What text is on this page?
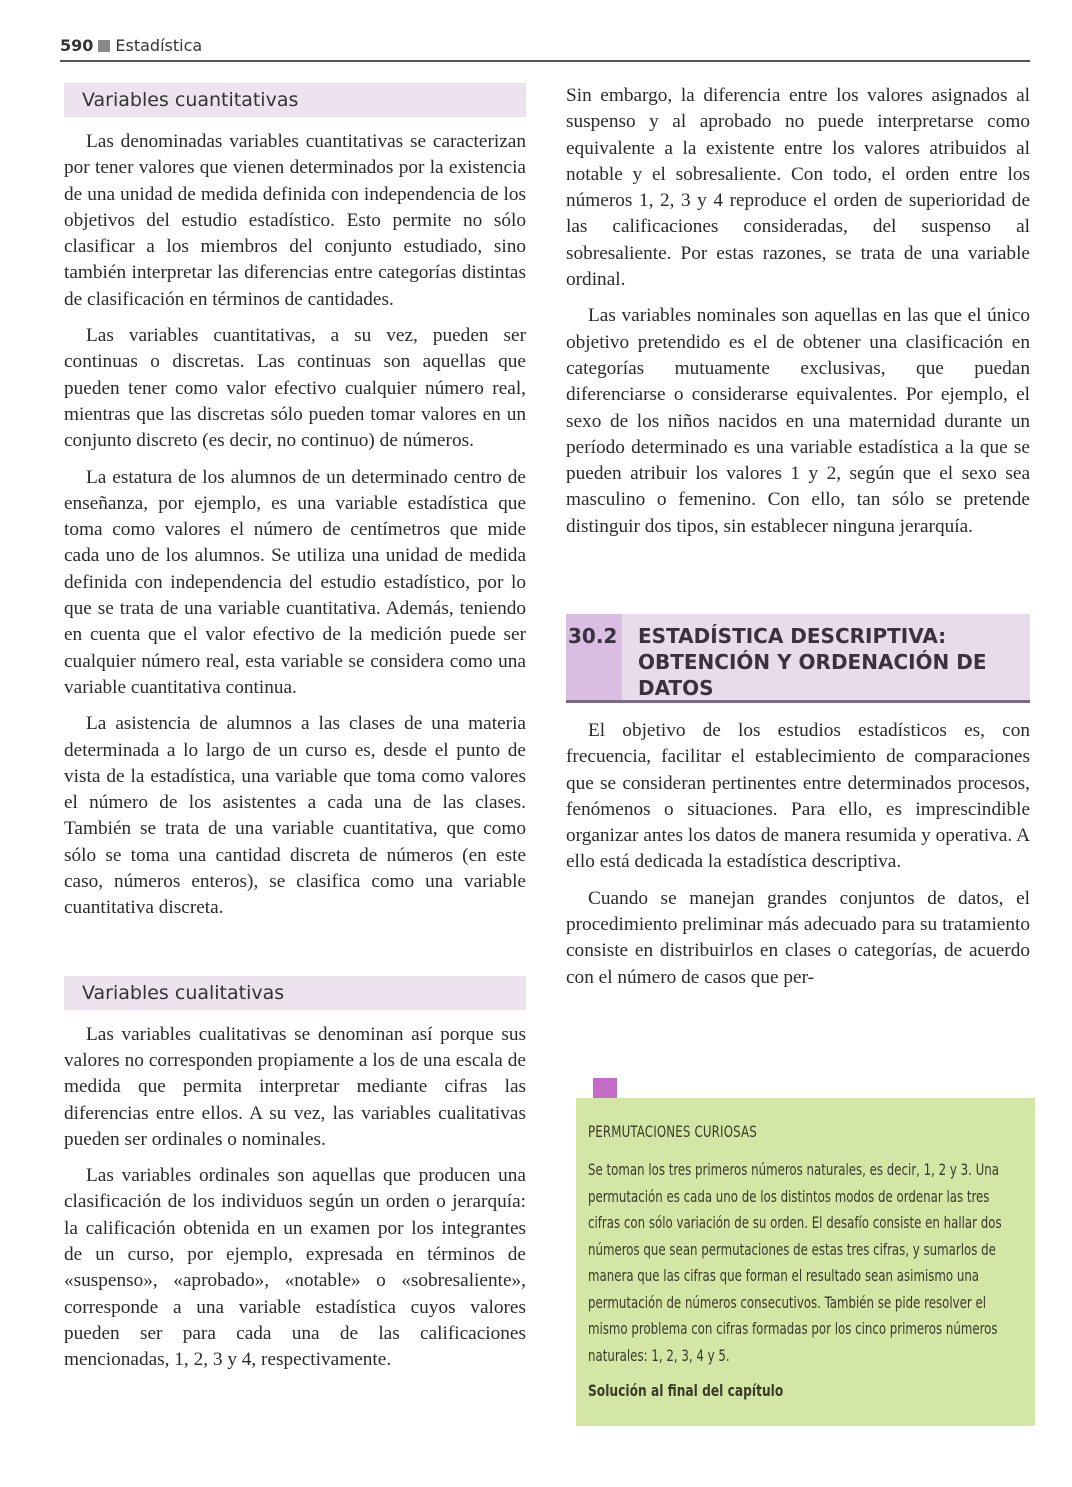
590 Estadística
Variables cuantitativas

Las denominadas variables cuantitativas se caracterizan por tener valores que vienen determinados por la existencia de una unidad de medida definida con independencia de los objetivos del estudio estadístico. Esto permite no sólo clasificar a los miembros del conjunto estudiado, sino también interpretar las diferencias entre categorías distintas de clasificación en términos de cantidades.

Las variables cuantitativas, a su vez, pueden ser continuas o discretas. Las continuas son aquellas que pueden tener como valor efectivo cualquier número real, mientras que las discretas sólo pueden tomar valores en un conjunto discreto (es decir, no continuo) de números.

La estatura de los alumnos de un determinado centro de enseñanza, por ejemplo, es una variable estadística que toma como valores el número de centímetros que mide cada uno de los alumnos. Se utiliza una unidad de medida definida con independencia del estudio estadístico, por lo que se trata de una variable cuantitativa. Además, teniendo en cuenta que el valor efectivo de la medición puede ser cualquier número real, esta variable se considera como una variable cuantitativa continua.

La asistencia de alumnos a las clases de una materia determinada a lo largo de un curso es, desde el punto de vista de la estadística, una variable que toma como valores el número de los asistentes a cada una de las clases. También se trata de una variable cuantitativa, que como sólo se toma una cantidad discreta de números (en este caso, números enteros), se clasifica como una variable cuantitativa discreta.

Variables cualitativas

Las variables cualitativas se denominan así porque sus valores no corresponden propiamente a los de una escala de medida que permita interpretar mediante cifras las diferencias entre ellos. A su vez, las variables cualitativas pueden ser ordinales o nominales.

Las variables ordinales son aquellas que producen una clasificación de los individuos según un orden o jerarquía: la calificación obtenida en un examen por los integrantes de un curso, por ejemplo, expresada en términos de «suspenso», «aprobado», «notable» o «sobresaliente», corresponde a una variable estadística cuyos valores pueden ser para cada una de las calificaciones mencionadas, 1, 2, 3 y 4, respectivamente.

Sin embargo, la diferencia entre los valores asignados al suspenso y al aprobado no puede interpretarse como equivalente a la existente entre los valores atribuidos al notable y el sobresaliente. Con todo, el orden entre los números 1, 2, 3 y 4 reproduce el orden de superioridad de las calificaciones consideradas, del suspenso al sobresaliente. Por estas razones, se trata de una variable ordinal.

Las variables nominales son aquellas en las que el único objetivo pretendido es el de obtener una clasificación en categorías mutuamente exclusivas, que puedan diferenciarse o considerarse equivalentes. Por ejemplo, el sexo de los niños nacidos en una maternidad durante un período determinado es una variable estadística a la que se pueden atribuir los valores 1 y 2, según que el sexo sea masculino o femenino. Con ello, tan sólo se pretende distinguir dos tipos, sin establecer ninguna jerarquía.

30.2 ESTADÍSTICA DESCRIPTIVA: OBTENCIÓN Y ORDENACIÓN DE DATOS

El objetivo de los estudios estadísticos es, con frecuencia, facilitar el establecimiento de comparaciones que se consideran pertinentes entre determinados procesos, fenómenos o situaciones. Para ello, es imprescindible organizar antes los datos de manera resumida y operativa. A ello está dedicada la estadística descriptiva.

Cuando se manejan grandes conjuntos de datos, el procedimiento preliminar más adecuado para su tratamiento consiste en distribuirlos en clases o categorías, de acuerdo con el número de casos que per-

PERMUTACIONES CURIOSAS
Se toman los tres primeros números naturales, es decir, 1, 2 y 3. Una permutación es cada uno de los distintos modos de ordenar las tres cifras con sólo variación de su orden. El desafío consiste en hallar dos números que sean permutaciones de estas tres cifras, y sumarlos de manera que las cifras que forman el resultado sean asimismo una permutación de números consecutivos. También se pide resolver el mismo problema con cifras formadas por los cinco primeros números naturales: 1, 2, 3, 4 y 5.
Solución al final del capítulo
